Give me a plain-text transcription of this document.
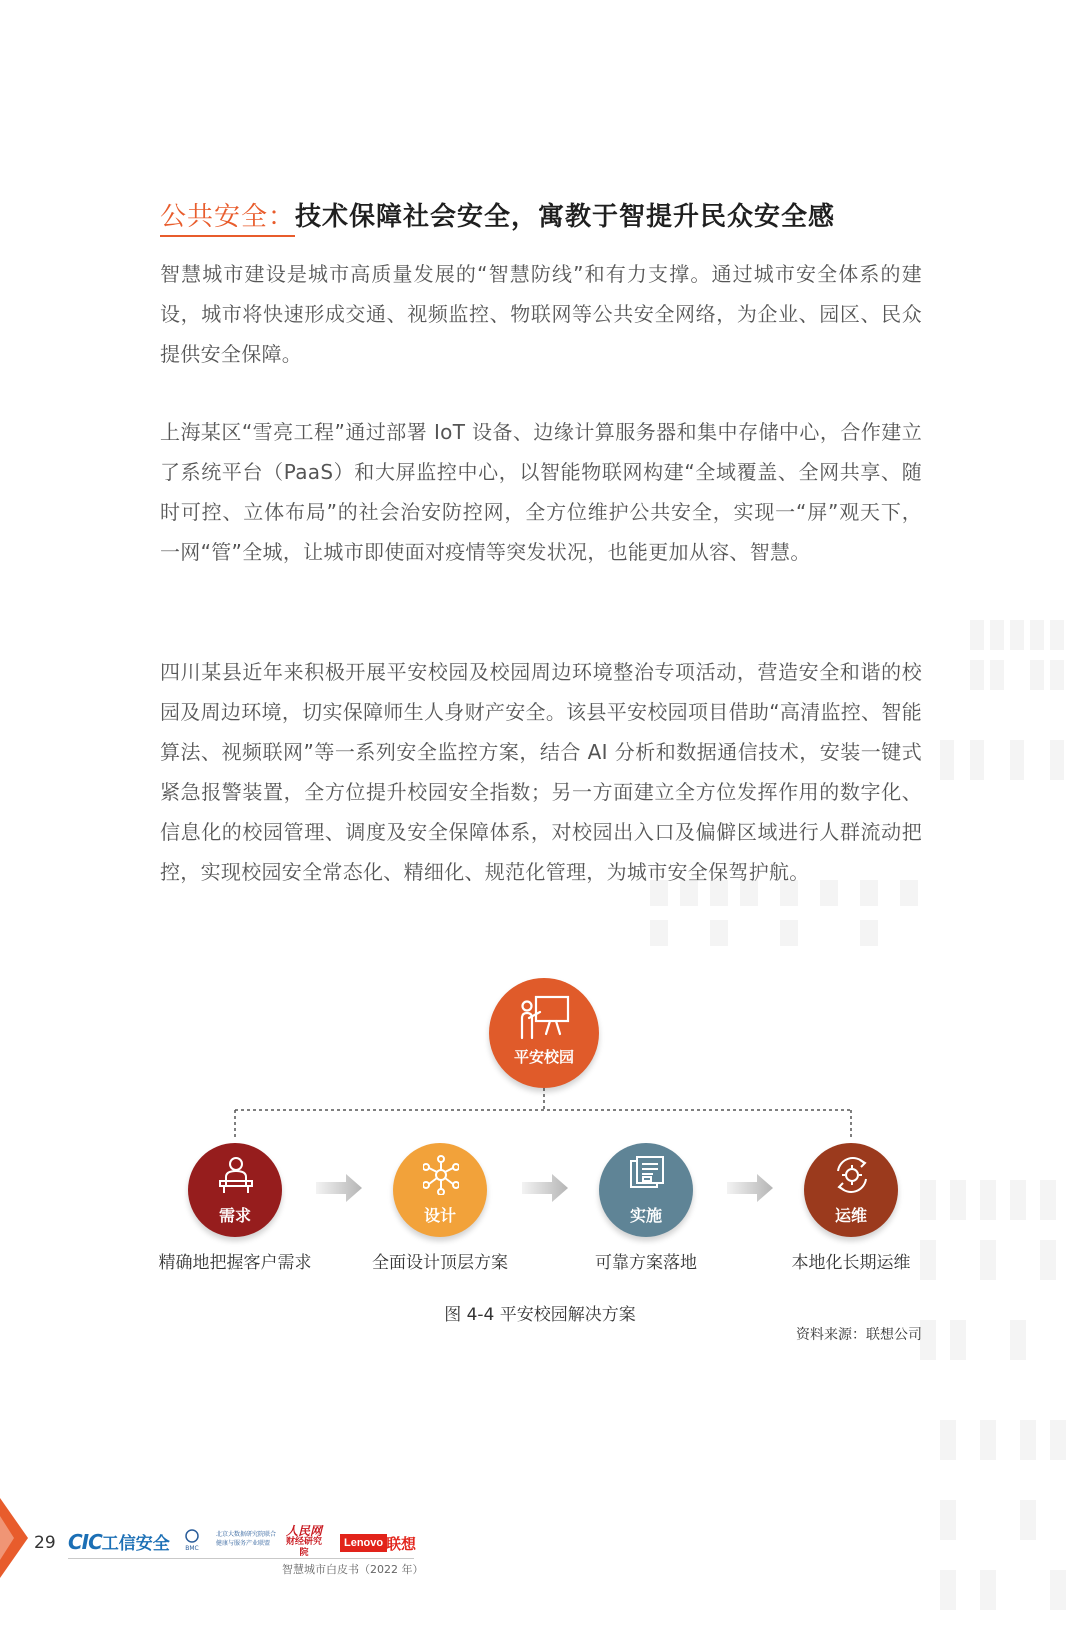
公共安全：技术保障社会安全，寓教于智提升民众安全感
智慧城市建设是城市高质量发展的“智慧防线”和有力支撑。通过城市安全体系的建设，城市将快速形成交通、视频监控、物联网等公共安全网络，为企业、园区、民众提供安全保障。
上海某区“雪亮工程”通过部署 IoT 设备、边缘计算服务器和集中存储中心，合作建立了系统平台（PaaS）和大屏监控中心，以智能物联网构建“全域覆盖、全网共享、随时可控、立体布局”的社会治安防控网，全方位维护公共安全，实现一“屏”观天下，一网“管”全城，让城市即使面对疫情等突发状况，也能更加从容、智慧。
四川某县近年来积极开展平安校园及校园周边环境整治专项活动，营造安全和谐的校园及周边环境，切实保障师生人身财产安全。该县平安校园项目借助“高清监控、智能算法、视频联网”等一系列安全监控方案，结合 AI 分析和数据通信技术，安装一键式紧急报警装置，全方位提升校园安全指数；另一方面建立全方位发挥作用的数字化、信息化的校园管理、调度及安全保障体系，对校园出入口及偏僻区域进行人群流动把控，实现校园安全常态化、精细化、规范化管理，为城市安全保驾护航。
平安校园
需求	设计	实施	运维
精确地把握客户需求	全面设计顶层方案	可靠方案落地	本地化长期运维
图 4-4 平安校园解决方案
资料来源：联想公司
29 CIC工信安全	BMC
北京大数据研究院联合健康与服务产业联盟
人民网
财经研究院
Lenovo 联想
智慧城市白皮书（2022 年）
